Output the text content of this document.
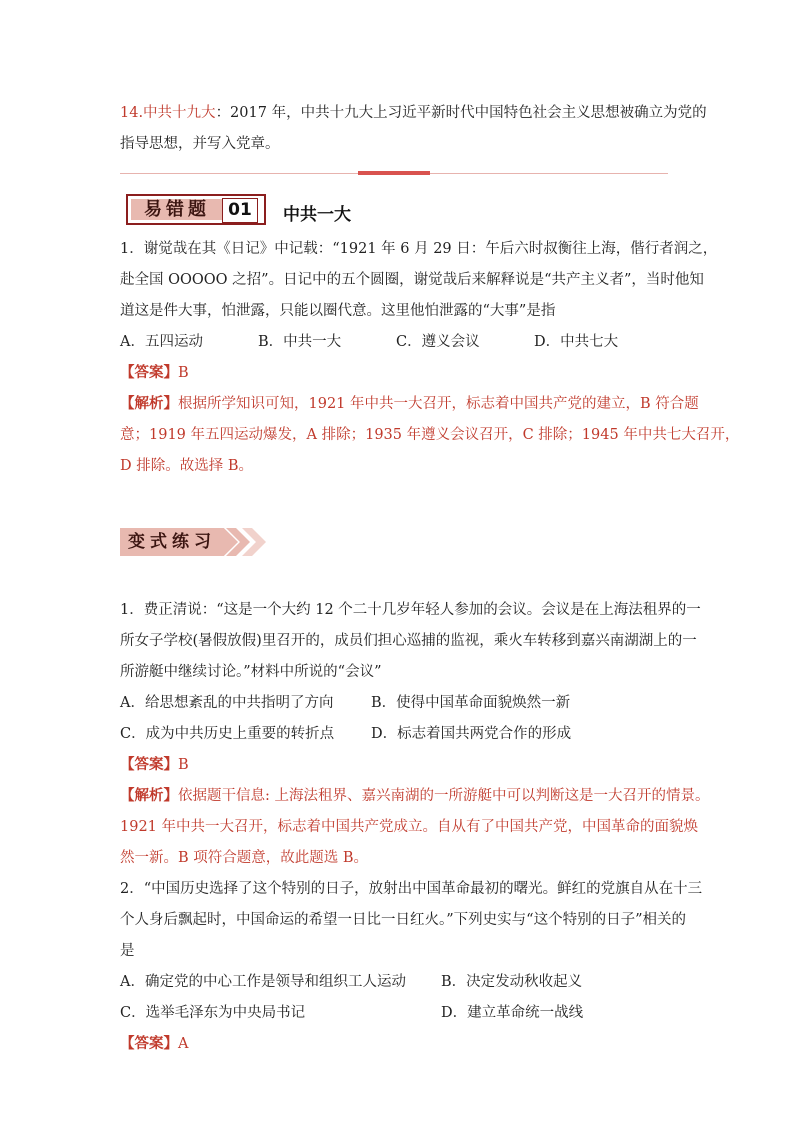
14.中共十九大：2017 年，中共十九大上习近平新时代中国特色社会主义思想被确立为党的
指导思想，并写入党章。
易错题	01	中共一大
1．谢觉哉在其《日记》中记载：“1921 年 6 月 29 日：午后六时叔衡往上海，偕行者润之，
赴全国 OOOOO 之招”。日记中的五个圆圈，谢觉哉后来解释说是“共产主义者”，当时他知
道这是件大事，怕泄露，只能以圈代意。这里他怕泄露的“大事”是指
A．五四运动	B．中共一大	C．遵义会议	D．中共七大
【答案】B
【解析】根据所学知识可知，1921 年中共一大召开，标志着中国共产党的建立，B 符合题
意；1919 年五四运动爆发，A 排除；1935 年遵义会议召开，C 排除；1945 年中共七大召开，
D 排除。故选择 B。
变式练习
1．费正清说：“这是一个大约 12 个二十几岁年轻人参加的会议。会议是在上海法租界的一
所女子学校(暑假放假)里召开的，成员们担心巡捕的监视，乘火车转移到嘉兴南湖湖上的一
所游艇中继续讨论。”材料中所说的“会议”
A．给思想紊乱的中共指明了方向	B．使得中国革命面貌焕然一新
C．成为中共历史上重要的转折点	D．标志着国共两党合作的形成
【答案】B
【解析】依据题干信息: 上海法租界、嘉兴南湖的一所游艇中可以判断这是一大召开的情景。
1921 年中共一大召开，标志着中国共产党成立。自从有了中国共产党，中国革命的面貌焕
然一新。B 项符合题意，故此题选 B。
2．“中国历史选择了这个特别的日子，放射出中国革命最初的曙光。鲜红的党旗自从在十三
个人身后飘起时，中国命运的希望一日比一日红火。”下列史实与“这个特别的日子”相关的
是
A．确定党的中心工作是领导和组织工人运动 B．决定发动秋收起义
C．选举毛泽东为中央局书记	D．建立革命统一战线
【答案】A
